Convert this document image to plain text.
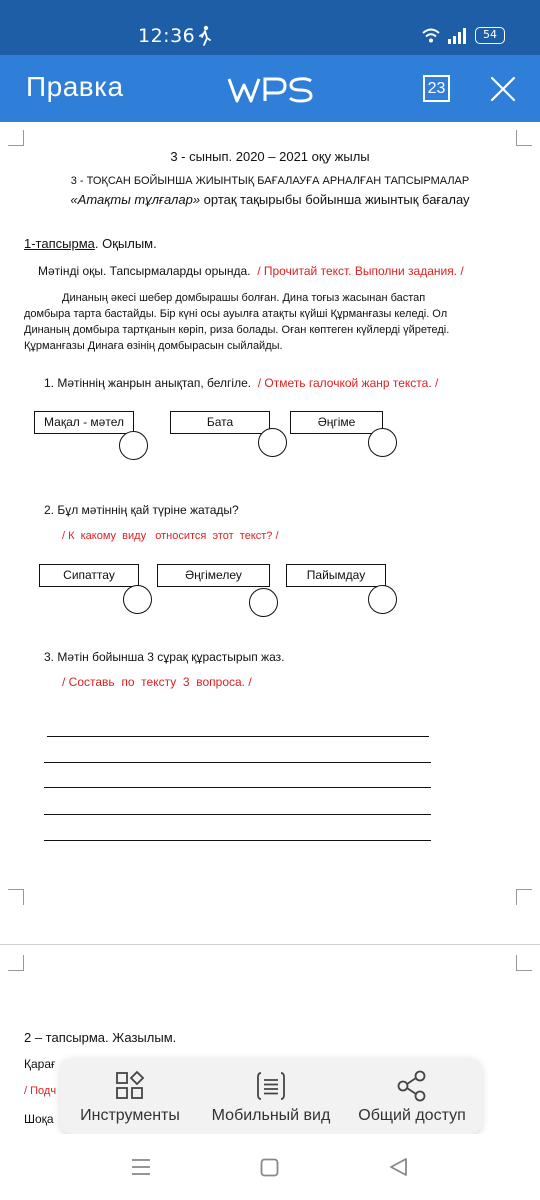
12:36	54
Правка	23
3 - сынып. 2020 – 2021 оқу жылы
3 - ТОҚСАН БОЙЫНША ЖИЫНТЫҚ БАҒАЛАУҒА АРНАЛҒАН ТАПСЫРМАЛАР
«Атақты тұлғалар» ортақ тақырыбы бойынша жиынтық бағалау
1-тапсырма. Оқылым.
Мәтінді оқы. Тапсырмаларды орында. / Прочитай текст. Выполни задания. /
Динаның әкесі шебер домбырашы болған. Дина тоғыз жасынан бастап
домбыра тарта бастайды. Бір күні осы ауылға атақты күйші Құрманғазы келеді. Ол
Динаның домбыра тартқанын көріп, риза болады. Оған көптеген күйлерді үйретеді.
Құрманғазы Динаға өзінің домбырасын сыйлайды.
1. Мәтіннің жанрын анықтап, белгіле. / Отметь галочкой жанр текста. /
Мақал - мәтел	Бата	Әңгіме
2. Бұл мәтіннің қай түріне жатады?
/ К  какому  виду   относится  этот  текст? /
Сипаттау	Әңгімелеу	Пайымдау
3. Мәтін бойынша 3 сұрақ құрастырып жаз.
/ Составь  по  тексту  3  вопроса. /
2 – тапсырма. Жазылым.
Қарағ
/ Подч
Шоқа	Инструменты	Мобильный вид	Общий доступ
